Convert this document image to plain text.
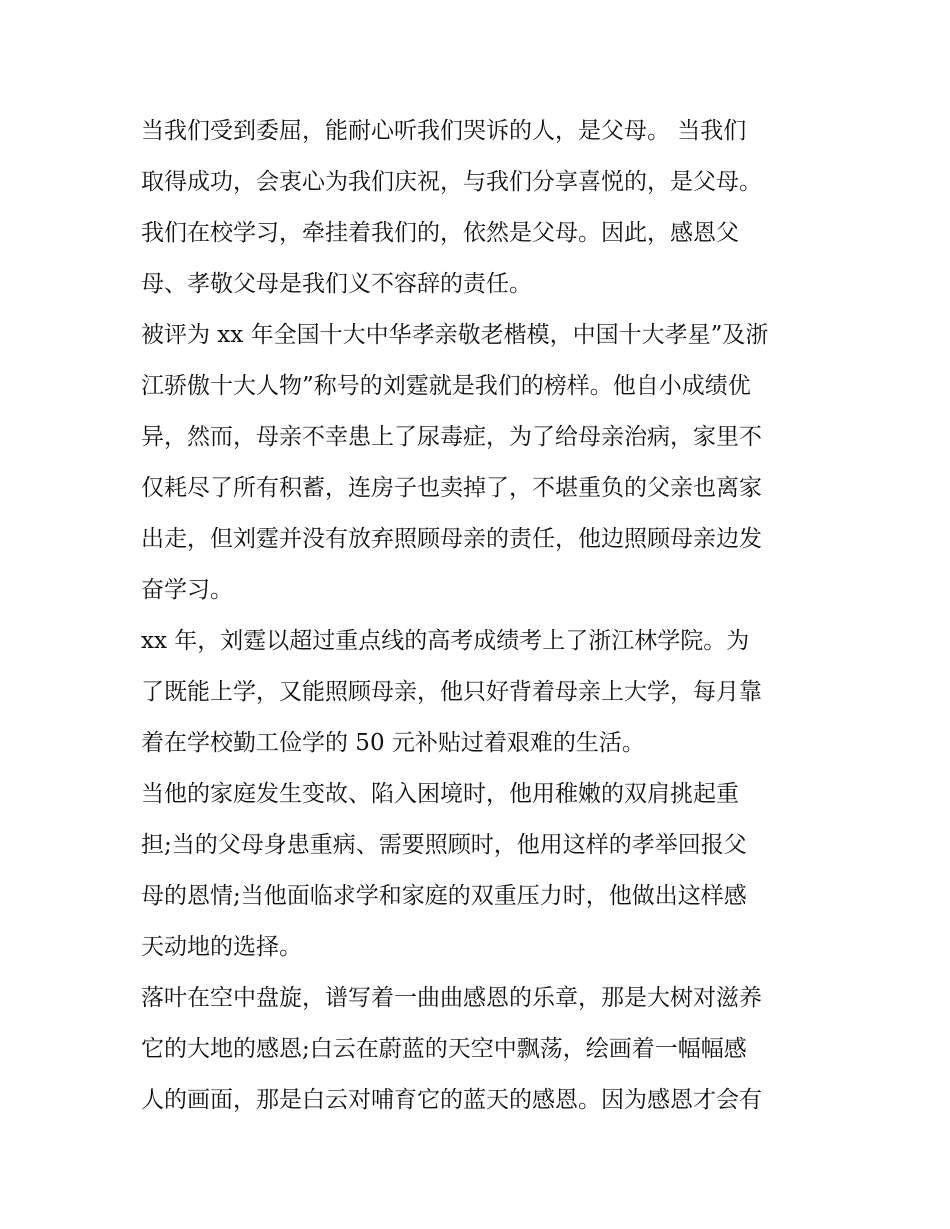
当我们受到委屈，能耐心听我们哭诉的人，是父母。 当我们
取得成功，会衷心为我们庆祝，与我们分享喜悦的，是父母。
我们在校学习，牵挂着我们的，依然是父母。因此，感恩父
母、孝敬父母是我们义不容辞的责任。

被评为 xx 年全国十大中华孝亲敬老楷模，中国十大孝星”及浙
江骄傲十大人物”称号的刘霆就是我们的榜样。他自小成绩优
异，然而，母亲不幸患上了尿毒症，为了给母亲治病，家里不
仅耗尽了所有积蓄，连房子也卖掉了，不堪重负的父亲也离家
出走，但刘霆并没有放弃照顾母亲的责任，他边照顾母亲边发
奋学习。

xx 年，刘霆以超过重点线的高考成绩考上了浙江林学院。为
了既能上学，又能照顾母亲，他只好背着母亲上大学，每月靠
着在学校勤工俭学的 50 元补贴过着艰难的生活。

当他的家庭发生变故、陷入困境时，他用稚嫩的双肩挑起重
担;当的父母身患重病、需要照顾时，他用这样的孝举回报父
母的恩情;当他面临求学和家庭的双重压力时，他做出这样感
天动地的选择。

落叶在空中盘旋，谱写着一曲曲感恩的乐章，那是大树对滋养
它的大地的感恩;白云在蔚蓝的天空中飘荡，绘画着一幅幅感
人的画面，那是白云对哺育它的蓝天的感恩。因为感恩才会有
